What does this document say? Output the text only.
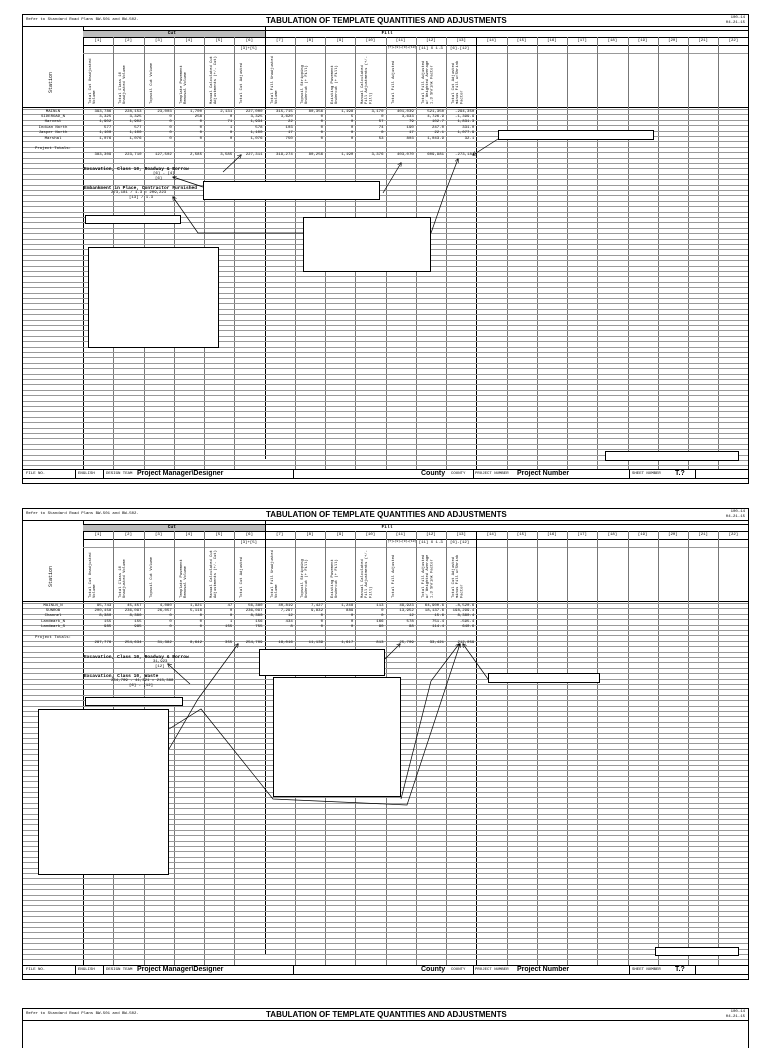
Refer to Standard Road Plans BW-501 and BW-502.	TABULATION OF TEMPLATE QUANTITIES AND ADJUSTMENTS	100-14
04-21-15
Cut	Fill
[1]	[2]	[3]	[4]	[5]	[6]	[7]	[8]	[9]	[10]	[11]	[12]	[13]	[14]	[15]	[16]	[17]	[18]	[19]	[20]	[21]	[22]
[3]+[5]	[7]+[8]+[9]+[10] [11] X 1.3 [6]-[12]
Total Cut Unadjusted Volume	Total Class 10 Unadjusted Volume	Topsoil Cut Volume	Template Pavement Removal Volume	Manual Calculated Cut Adjustments (+/- Cut)	Total Cut Adjusted	Total Fill Unadjusted Volume	Topsoil Stripping Undercut (+ Fill)	Existing Pavement Undercut (+ Fill)	Manual Calculated Fill Adjustments (+/- Fill)	Total Fill Adjusted	Total Fill Adjusted w/ Weighted Average 1.3 Shrink Factor	Total Cut Adjusted minus Fill w/Shrink Factor
Station
FILE NO.	ENGLISH	DESIGN TEAM Project Manager\Designer	County COUNTY PROJECT NUMBER Project Number	SHEET NUMBER T.?
MAINLN	393,786	228,153	23,003	1,700	2,131	227,000	315,715	80,356	1,198	3,170	401,039	521,350	-294,350
SIDEROAD_N	3,325	3,325	0	258	0	3,325	3,620	0	5	0	3,633	4,726.9	-1,399.9
Harvest	1,902	1,902	0	0	71	1,934	22	0	0	57	79	102.7	1,831.3
Indian North	577	577	0	0	1	578	103	0	0	74	190	247.0	331.0
Jasper North	1,100	1,100	0	0	0	1,100	17	0	0	0	17	22.1	1,077.9
Marshal	1,076	1,076	0	0	0	1,076	750	0	0	53	803	1,043.9	32.1
Project Totals:
383,309	223,710	127,502	2,585	3,585	227,311	319,274	80,256	1,190	3,376	403,070	609,981	-273,181
Excavation, Class 10, Roadway & Borrow
[6] - [4]
[6]
Embankment in Place, Contractor Furnished
273,181 / 1.3 = 209,223
[13] / 1.3
Refer to Standard Road Plans BW-501 and BW-502.	TABULATION OF TEMPLATE QUANTITIES AND ADJUSTMENTS	100-14
04-21-15
Cut	Fill
[1]	[2]	[3]	[4]	[5]	[6]	[7]	[8]	[9]	[10]	[11]	[12]	[13]	[14]	[15]	[16]	[17]	[18]	[19]	[20]	[21]	[22]
[3]+[5]	[7]+[8]+[9]+[10] [11] X 1.3 [6]-[12]
Total Cut Unadjusted Volume	Total Class 10 Unadjusted Volume	Topsoil Cut Volume	Template Pavement Removal Volume	Manual Calculated Cut Adjustments (+/- Cut)	Total Cut Adjusted	Total Fill Unadjusted Volume	Topsoil Stripping Undercut (+ Fill)	Existing Pavement Undercut (+ Fill)	Manual Calculated Fill Adjustments (+/- Fill)	Total Fill Adjusted	Total Fill Adjusted w/ Weighted Average 1.3 Shrink Factor	Total Cut Adjusted minus Fill w/Shrink Factor
Station
FILE NO.	ENGLISH	DESIGN TEAM Project Manager\Designer	County COUNTY PROJECT NUMBER Project Number	SHEET NUMBER T.?
MAINLN_N	95,743	45,457	4,080	1,921	47	56,380	40,819	7,427	1,248	113	49,923	64,900.6	-8,520.6
SUNROB	200,458	236,097	26,057	5,116	0	236,097	7,297	9,832	889	0	13,952	18,137.6	198,299.4
Channel	8,380	8,380	0	0	0	8,380	12	0	0	0	12	15.6	8,380.4
Landmark_N	155	155	0	0	1	156	434	0	0	166	578	751.4	-595.4
Landmark_S	985	985	0	0	155	755	8	0	0	80	88	114.4	640.6
Project Totals:
287,776	254,634	31,382	8,642	355	254,709	18,016	11,139	1,617	813	25,709	33,421	212,059
Excavation, Class 10, Roadway & Borrow
31,923
[12]
Excavation, Class 10, Waste
254,709 - 41,321 = 213,388
[6] - [12]
Refer to Standard Road Plans BW-501 and BW-502.	TABULATION OF TEMPLATE QUANTITIES AND ADJUSTMENTS	100-14
04-21-15
